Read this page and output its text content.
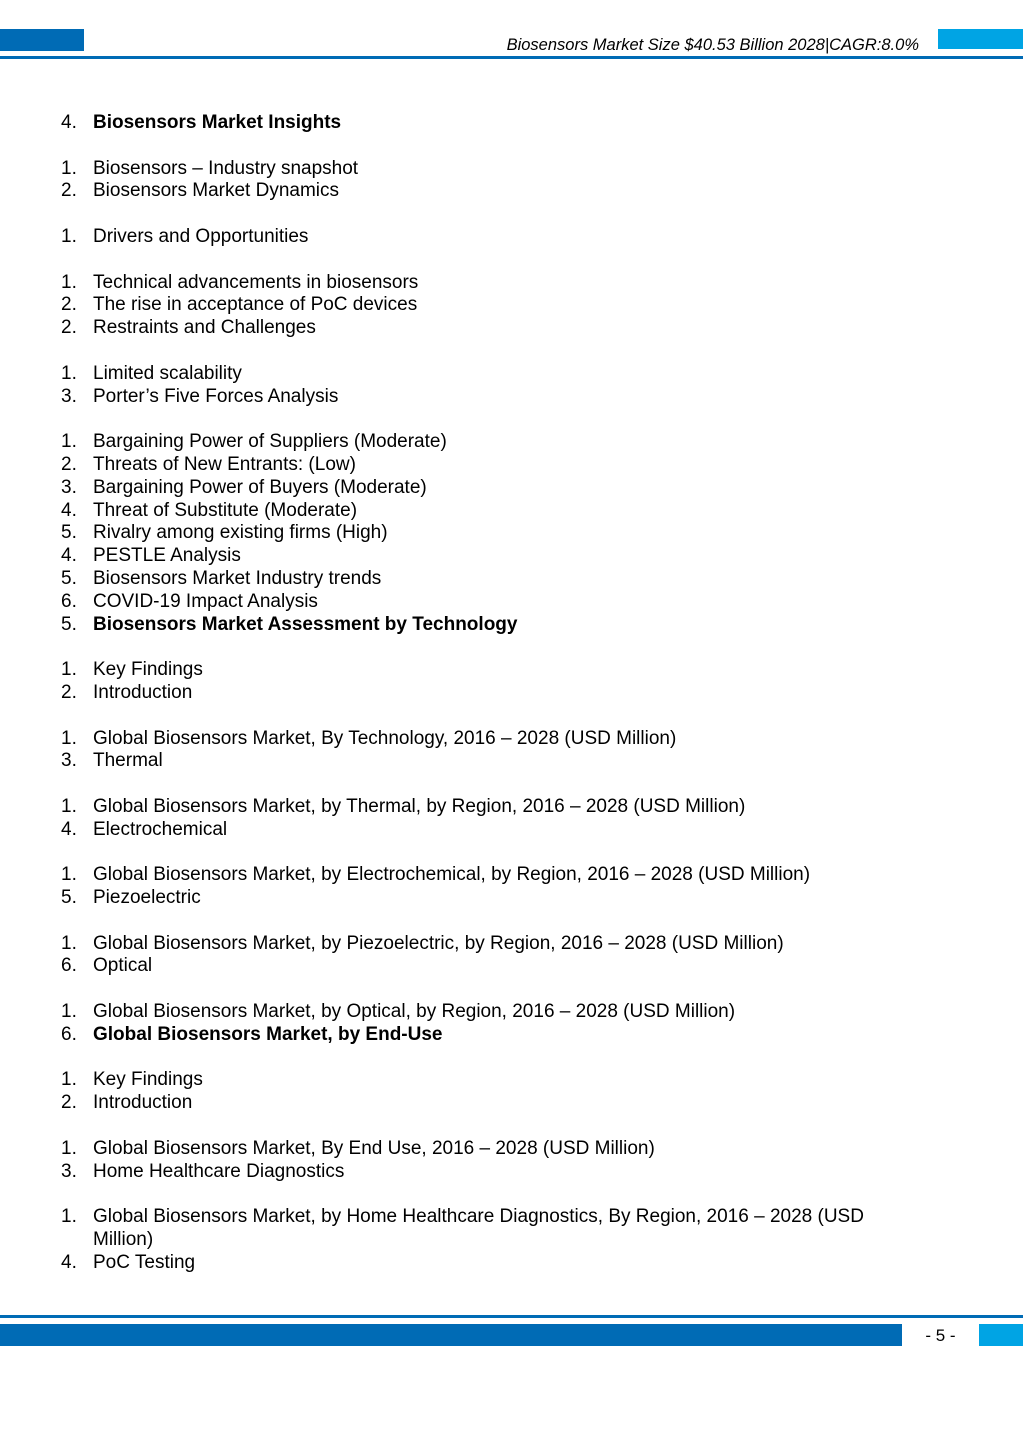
Biosensors Market Size $40.53 Billion 2028|CAGR:8.0%
4. Biosensors Market Insights
1. Biosensors – Industry snapshot
2. Biosensors Market Dynamics
1. Drivers and Opportunities
1. Technical advancements in biosensors
2. The rise in acceptance of PoC devices
2. Restraints and Challenges
1. Limited scalability
3. Porter’s Five Forces Analysis
1. Bargaining Power of Suppliers (Moderate)
2. Threats of New Entrants: (Low)
3. Bargaining Power of Buyers (Moderate)
4. Threat of Substitute (Moderate)
5. Rivalry among existing firms (High)
4. PESTLE Analysis
5. Biosensors Market Industry trends
6. COVID-19 Impact Analysis
5. Biosensors Market Assessment by Technology
1. Key Findings
2. Introduction
1. Global Biosensors Market, By Technology, 2016 – 2028 (USD Million)
3. Thermal
1. Global Biosensors Market, by Thermal, by Region, 2016 – 2028 (USD Million)
4. Electrochemical
1. Global Biosensors Market, by Electrochemical, by Region, 2016 – 2028 (USD Million)
5. Piezoelectric
1. Global Biosensors Market, by Piezoelectric, by Region, 2016 – 2028 (USD Million)
6. Optical
1. Global Biosensors Market, by Optical, by Region, 2016 – 2028 (USD Million)
6. Global Biosensors Market, by End-Use
1. Key Findings
2. Introduction
1. Global Biosensors Market, By End Use, 2016 – 2028 (USD Million)
3. Home Healthcare Diagnostics
1. Global Biosensors Market, by Home Healthcare Diagnostics, By Region, 2016 – 2028 (USD Million)
4. PoC Testing
- 5 -
